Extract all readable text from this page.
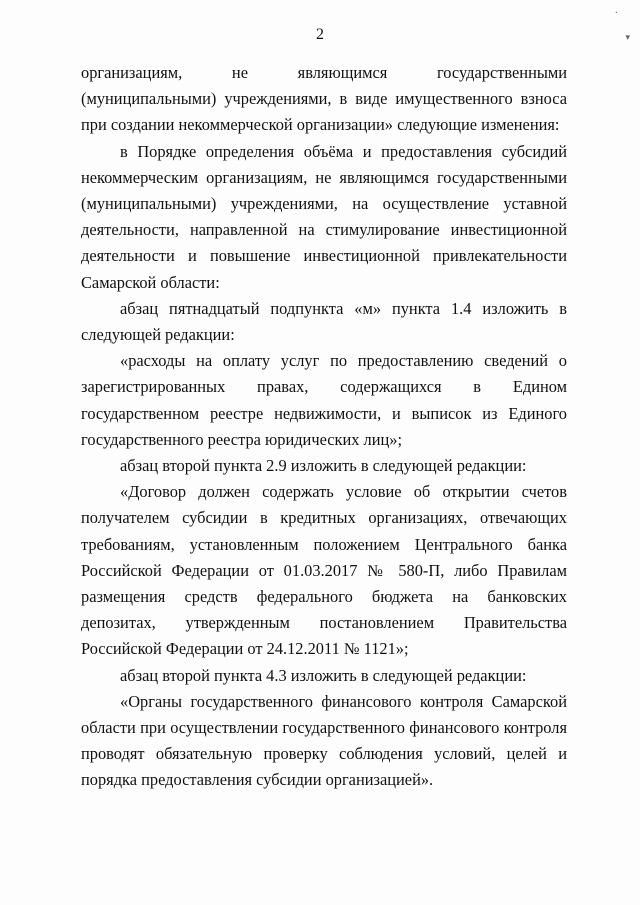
·
▾
2

организациям, не являющимся государственными (муниципальными) учреждениями, в виде имущественного взноса при создании некоммерческой организации» следующие изменения:

в Порядке определения объёма и предоставления субсидий некоммерческим организациям, не являющимся государственными (муниципальными) учреждениями, на осуществление уставной деятельности, направленной на стимулирование инвестиционной деятельности и повышение инвестиционной привлекательности Самарской области:

абзац пятнадцатый подпункта «м» пункта 1.4 изложить в следующей редакции:

«расходы на оплату услуг по предоставлению сведений о зарегистрированных правах, содержащихся в Едином государственном реестре недвижимости, и выписок из Единого государственного реестра юридических лиц»;

абзац второй пункта 2.9 изложить в следующей редакции:

«Договор должен содержать условие об открытии счетов получателем субсидии в кредитных организациях, отвечающих требованиям, установленным положением Центрального банка Российской Федерации от 01.03.2017 № 580-П, либо Правилам размещения средств федерального бюджета на банковских депозитах, утвержденным постановлением Правительства Российской Федерации от 24.12.2011 № 1121»;

абзац второй пункта 4.3 изложить в следующей редакции:

«Органы государственного финансового контроля Самарской области при осуществлении государственного финансового контроля проводят обязательную проверку соблюдения условий, целей и порядка предоставления субсидии организацией».
